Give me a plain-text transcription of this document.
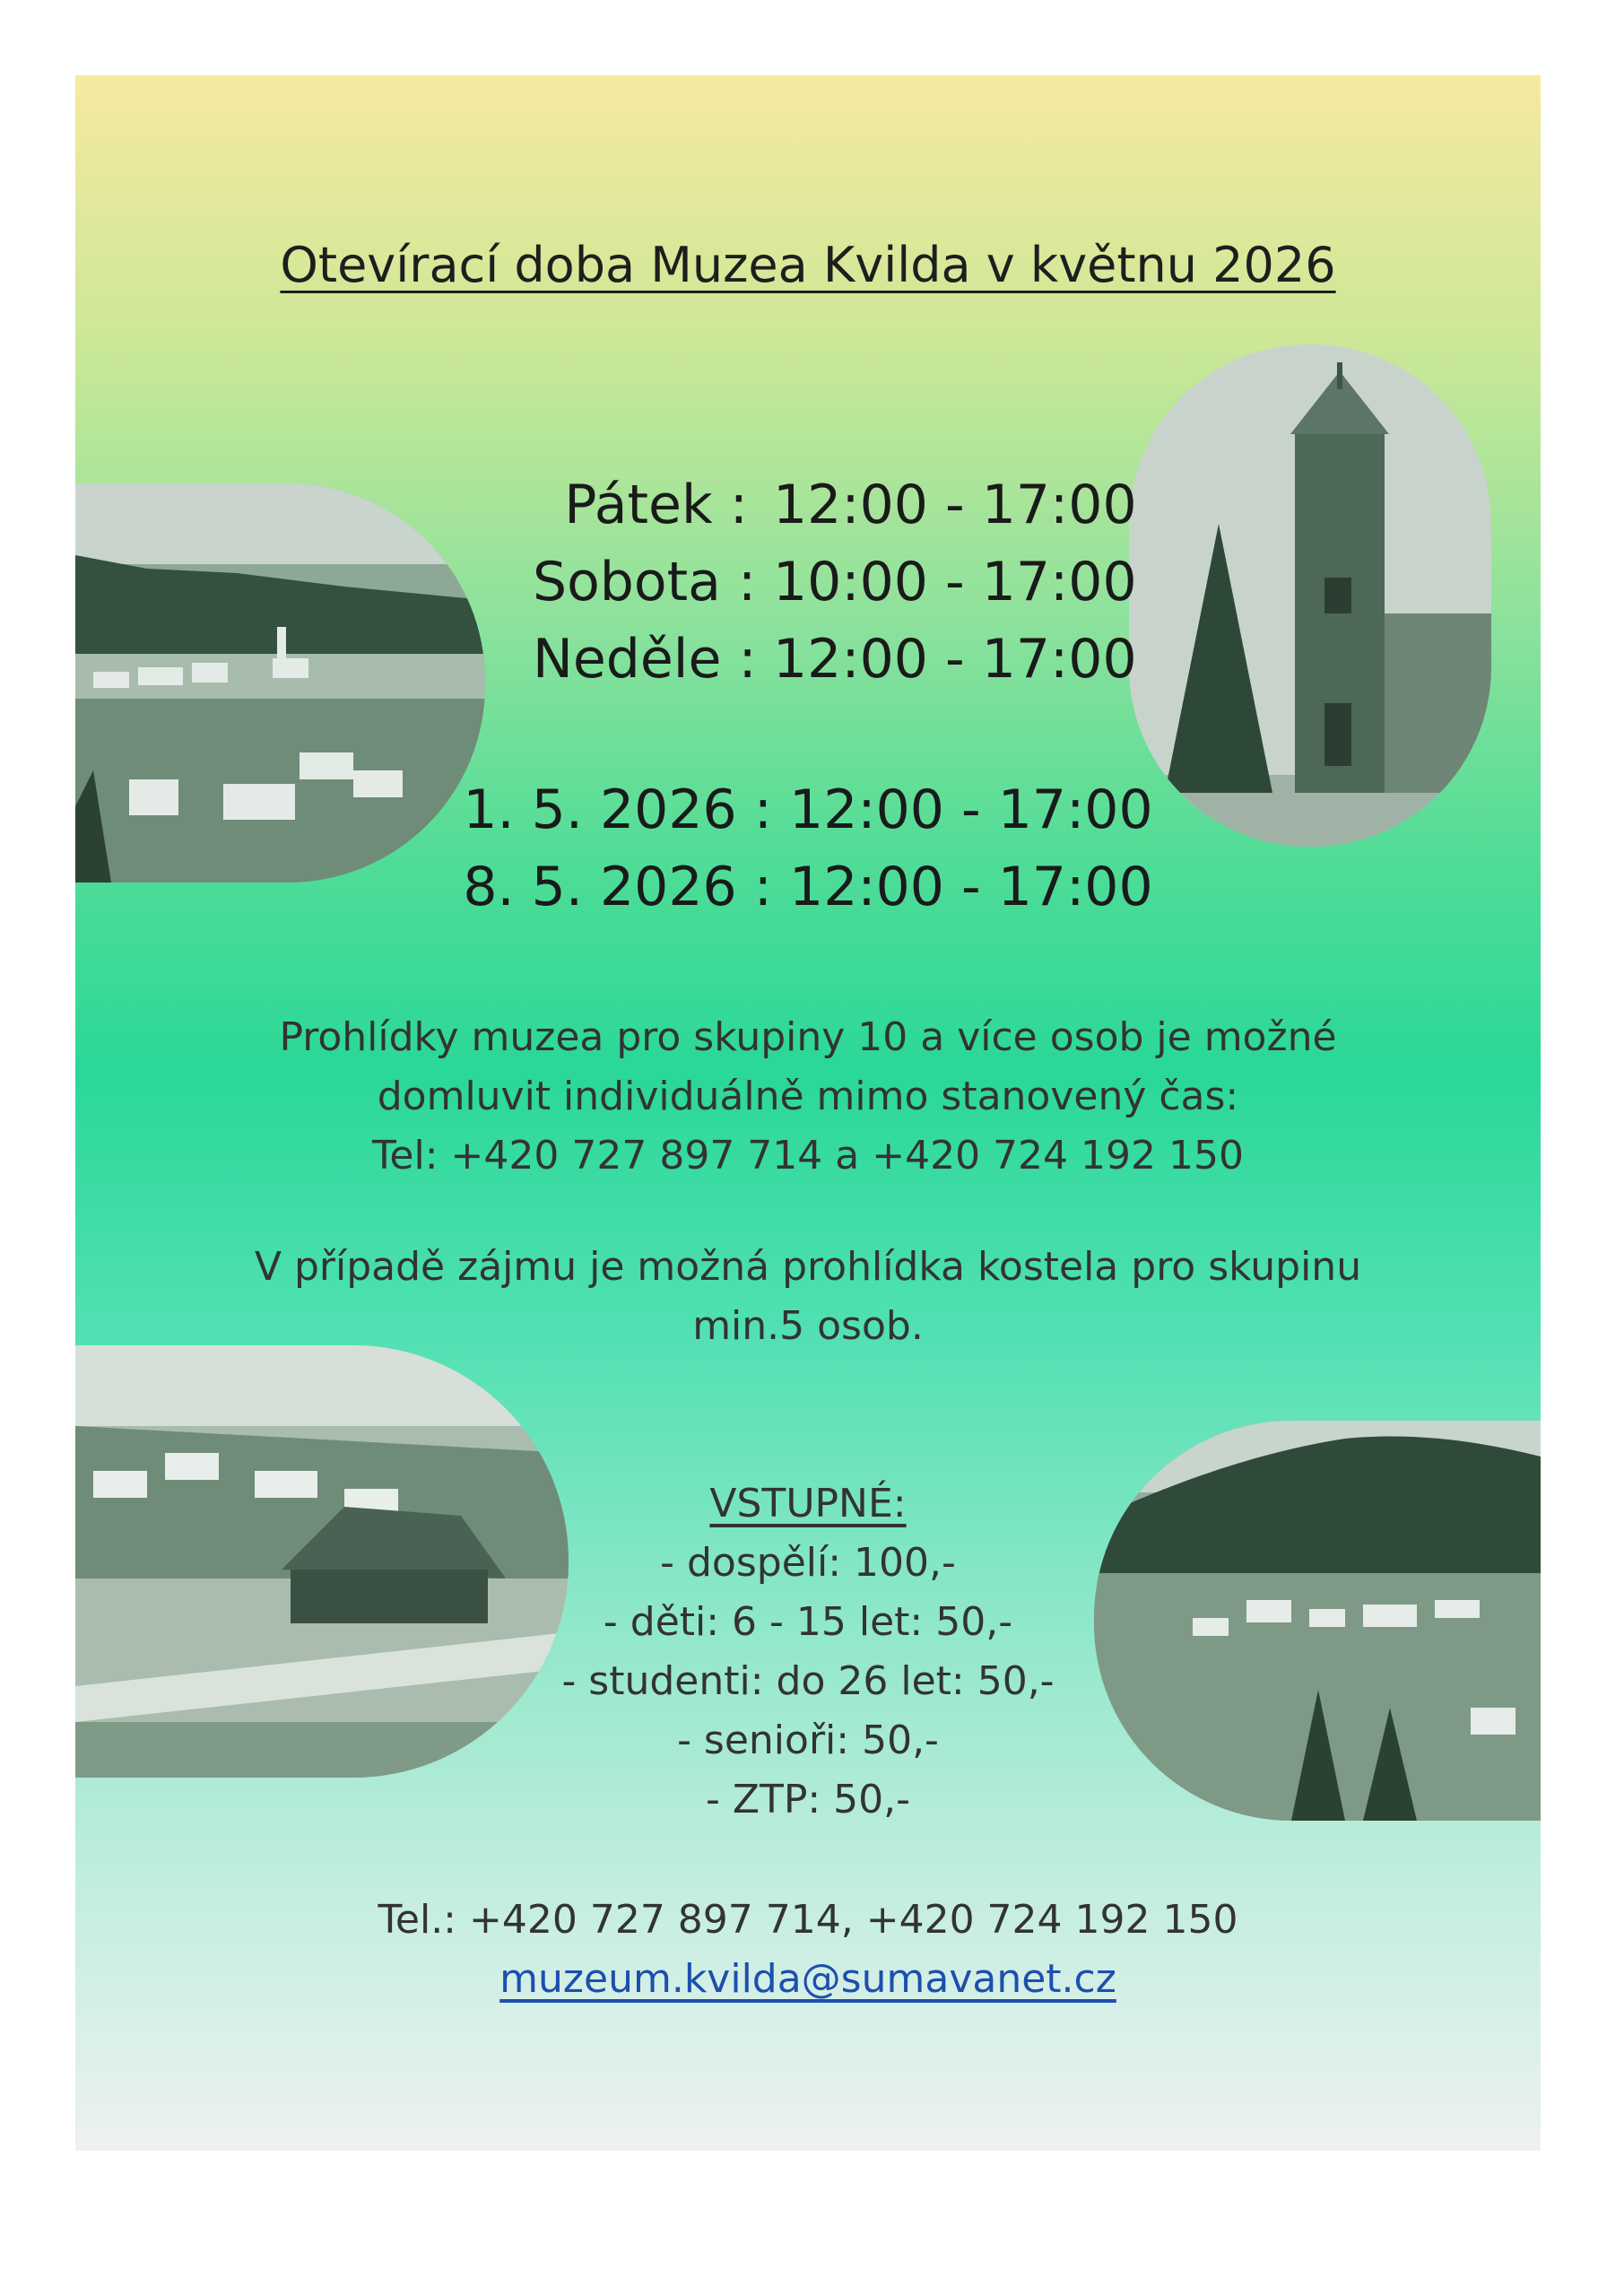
Otevírací doba Muzea Kvilda v květnu 2026
Pátek : 12:00 - 17:00
Sobota : 10:00 - 17:00
Neděle : 12:00 - 17:00
1. 5. 2026 : 12:00 - 17:00
8. 5. 2026 : 12:00 - 17:00
Prohlídky muzea pro skupiny 10 a více osob je možné
domluvit individuálně mimo stanovený čas:
Tel: +420 727 897 714 a +420 724 192 150
V případě zájmu je možná prohlídka kostela pro skupinu
min.5 osob.
VSTUPNÉ:
- dospělí: 100,-
- děti: 6 - 15 let: 50,-
- studenti: do 26 let: 50,-
- senioři: 50,-
- ZTP: 50,-
Tel.: +420 727 897 714, +420 724 192 150
muzeum.kvilda@sumavanet.cz
